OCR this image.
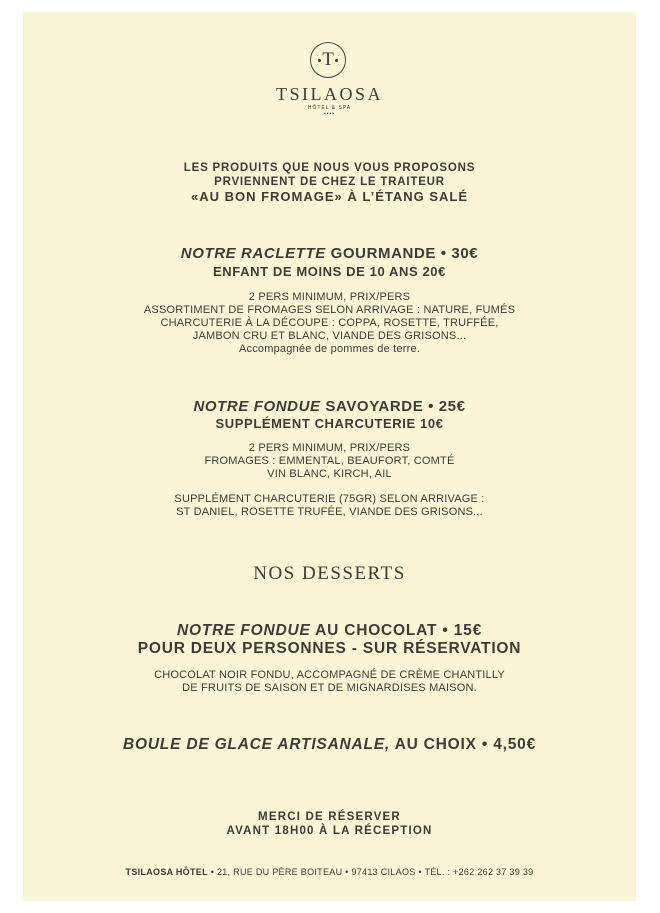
T
TSILAOSA
HÔTEL & SPA
••••
LES PRODUITS QUE NOUS VOUS PROPOSONS
PRVIENNENT DE CHEZ LE TRAITEUR
«AU BON FROMAGE» À L’ÉTANG SALÉ
NOTRE RACLETTE GOURMANDE • 30€
ENFANT DE MOINS DE 10 ANS 20€
2 PERS MINIMUM, PRIX/PERS
ASSORTIMENT DE FROMAGES SELON ARRIVAGE : NATURE, FUMÉS
CHARCUTERIE À LA DÉCOUPE : COPPA, ROSETTE, TRUFFÉE,
JAMBON CRU ET BLANC, VIANDE DES GRISONS...
Accompagnée de pommes de terre.
NOTRE FONDUE SAVOYARDE • 25€
SUPPLÉMENT CHARCUTERIE 10€
2 PERS MINIMUM, PRIX/PERS
FROMAGES : EMMENTAL, BEAUFORT, COMTÉ
VIN BLANC, KIRCH, AIL
SUPPLÉMENT CHARCUTERIE (75GR) SELON ARRIVAGE :
ST DANIEL, ROSETTE TRUFÉE, VIANDE DES GRISONS...
NOS DESSERTS
NOTRE FONDUE AU CHOCOLAT • 15€
POUR DEUX PERSONNES - SUR RÉSERVATION
CHOCOLAT NOIR FONDU, ACCOMPAGNÉ DE CRÈME CHANTILLY
DE FRUITS DE SAISON ET DE MIGNARDISES MAISON.
BOULE DE GLACE ARTISANALE, AU CHOIX • 4,50€
MERCI DE RÉSERVER
AVANT 18H00 À LA RÉCEPTION
TSILAOSA HÔTEL • 21, RUE DU PÈRE BOITEAU • 97413 CILAOS • TÉL. : +262 262 37 39 39
